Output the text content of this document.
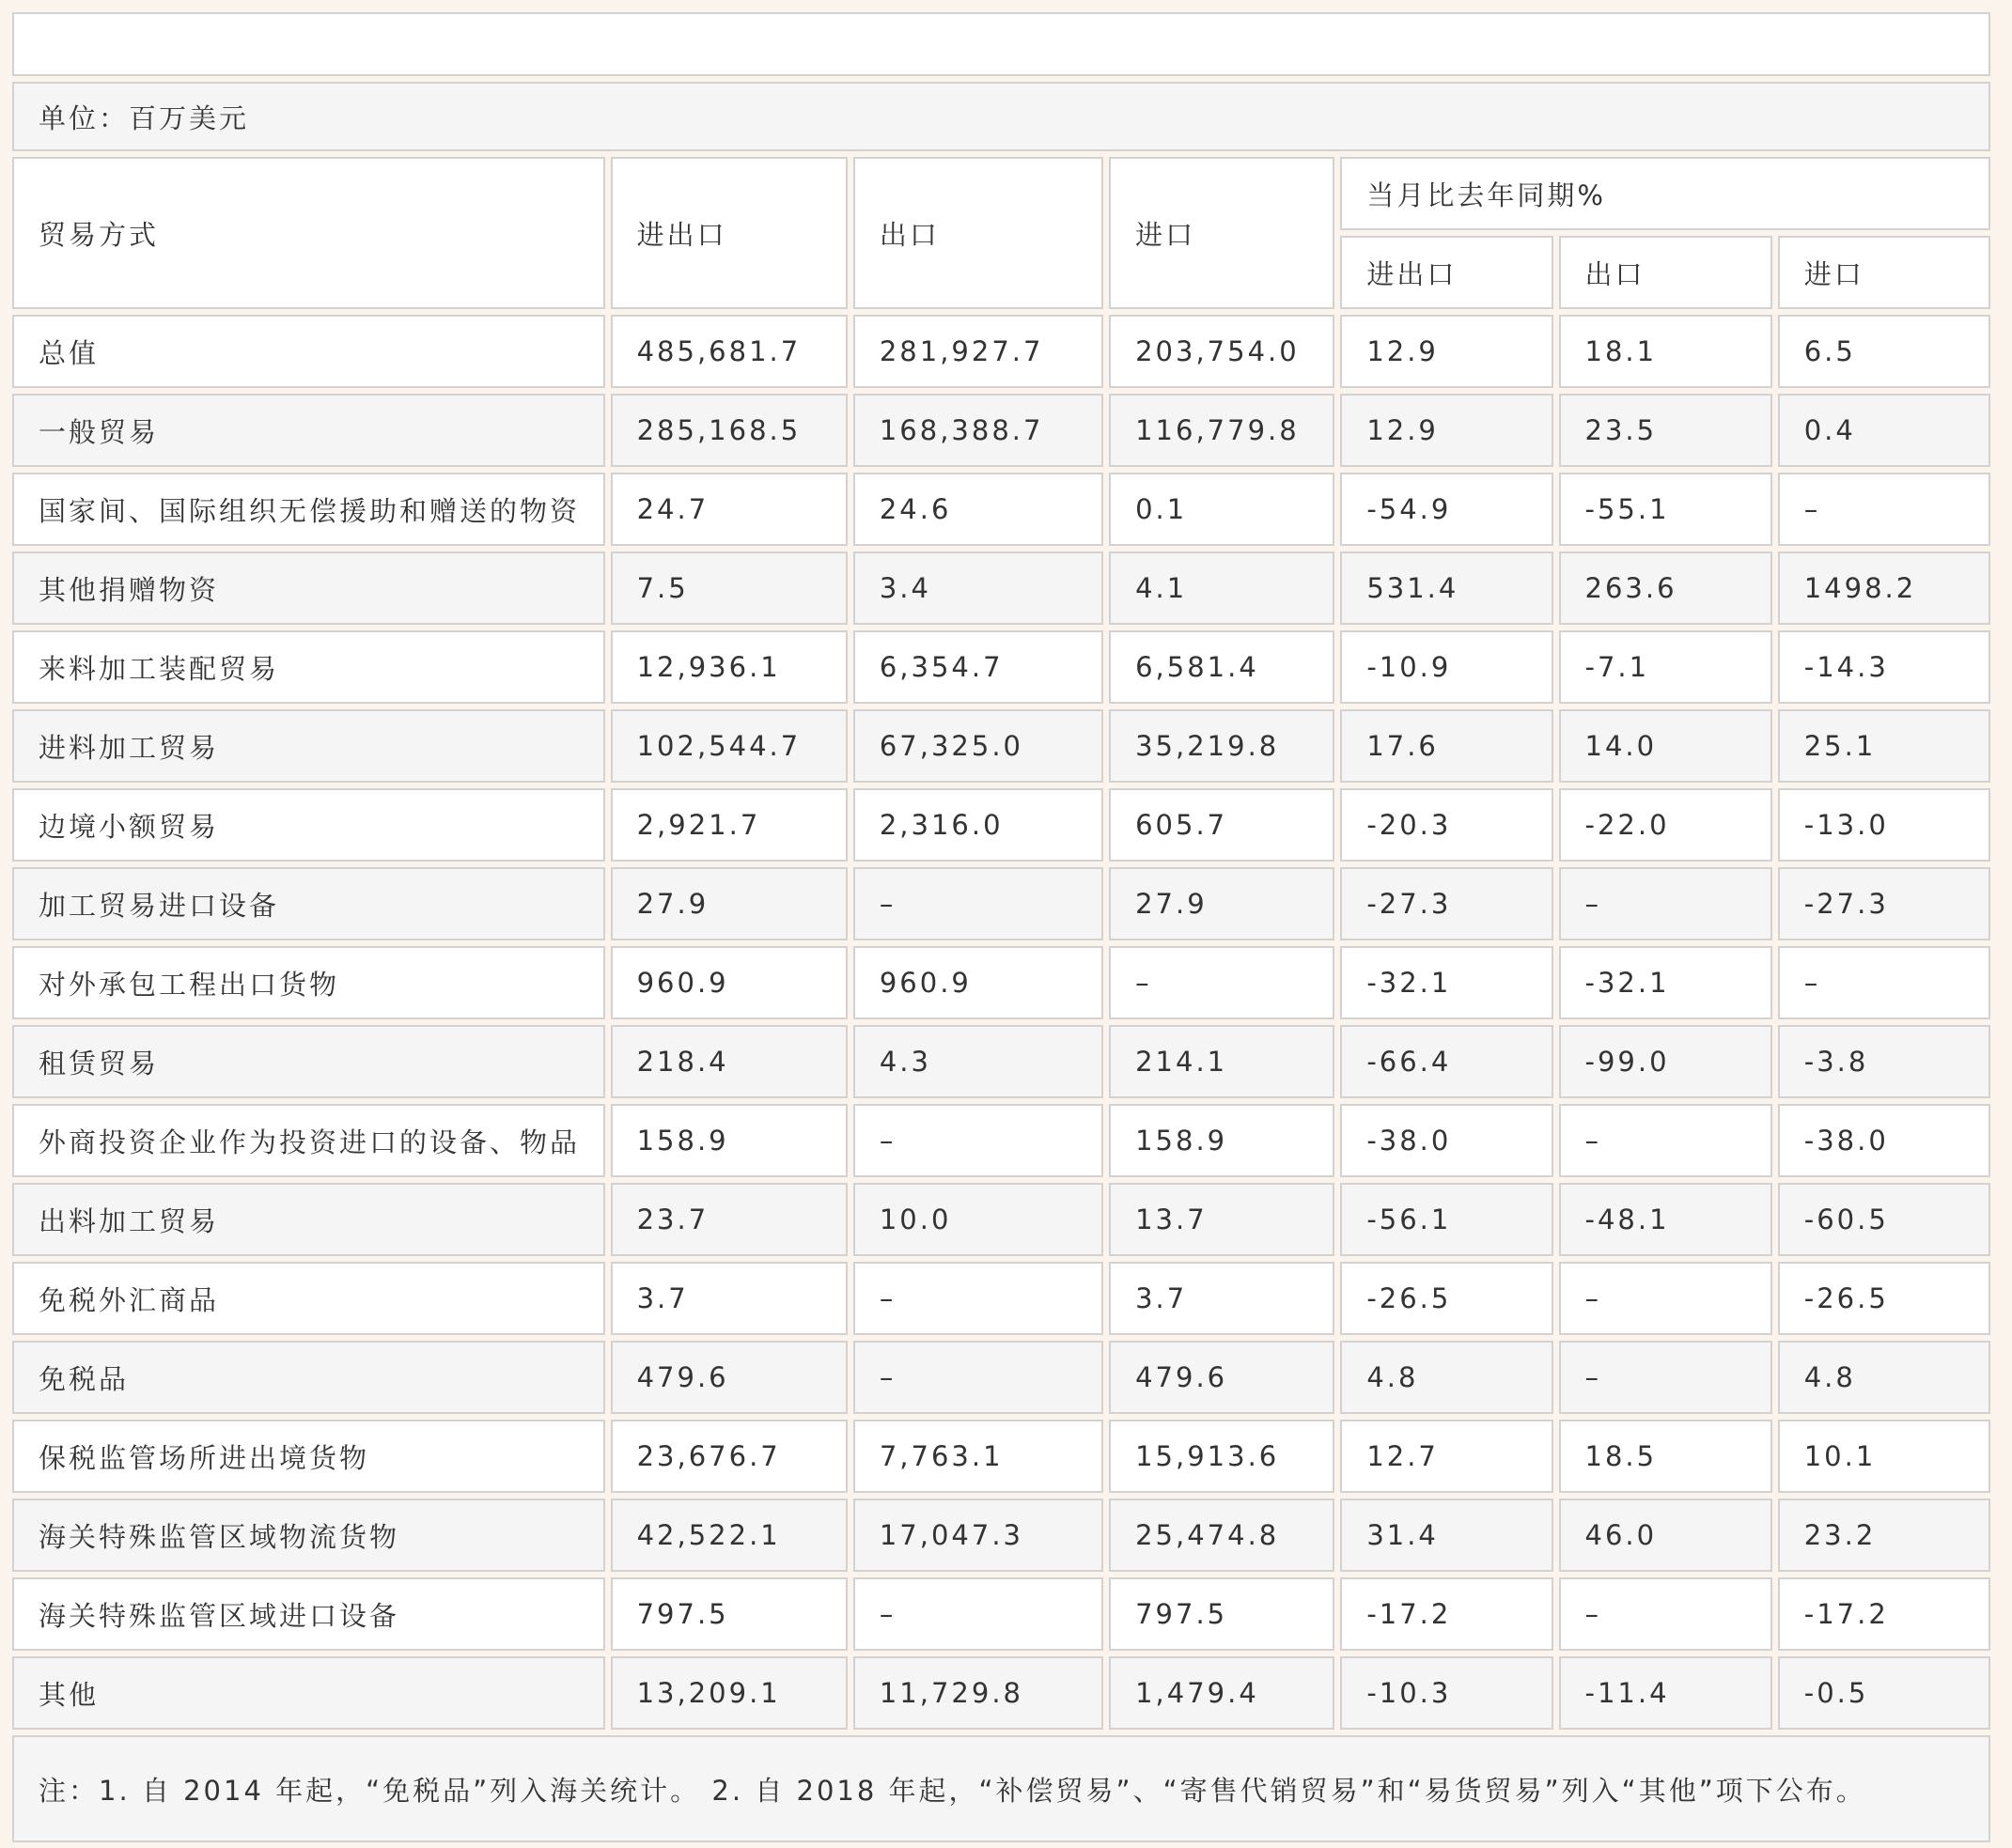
单位：百万美元						
贸易方式	进出口	出口	进口	当月比去年同期%		
				进出口	出口	进口
总值	485,681.7	281,927.7	203,754.0	12.9	18.1	6.5
一般贸易	285,168.5	168,388.7	116,779.8	12.9	23.5	0.4
国家间、国际组织无偿援助和赠送的物资	24.7	24.6	0.1	-54.9	-55.1	–
其他捐赠物资	7.5	3.4	4.1	531.4	263.6	1498.2
来料加工装配贸易	12,936.1	6,354.7	6,581.4	-10.9	-7.1	-14.3
进料加工贸易	102,544.7	67,325.0	35,219.8	17.6	14.0	25.1
边境小额贸易	2,921.7	2,316.0	605.7	-20.3	-22.0	-13.0
加工贸易进口设备	27.9	–	27.9	-27.3	–	-27.3
对外承包工程出口货物	960.9	960.9	–	-32.1	-32.1	–
租赁贸易	218.4	4.3	214.1	-66.4	-99.0	-3.8
外商投资企业作为投资进口的设备、物品	158.9	–	158.9	-38.0	–	-38.0
出料加工贸易	23.7	10.0	13.7	-56.1	-48.1	-60.5
免税外汇商品	3.7	–	3.7	-26.5	–	-26.5
免税品	479.6	–	479.6	4.8	–	4.8
保税监管场所进出境货物	23,676.7	7,763.1	15,913.6	12.7	18.5	10.1
海关特殊监管区域物流货物	42,522.1	17,047.3	25,474.8	31.4	46.0	23.2
海关特殊监管区域进口设备	797.5	–	797.5	-17.2	–	-17.2
其他	13,209.1	11,729.8	1,479.4	-10.3	-11.4	-0.5
注：1. 自 2014 年起，“免税品”列入海关统计。 2. 自 2018 年起，“补偿贸易”、“寄售代销贸易”和“易货贸易”列入“其他”项下公布。						
